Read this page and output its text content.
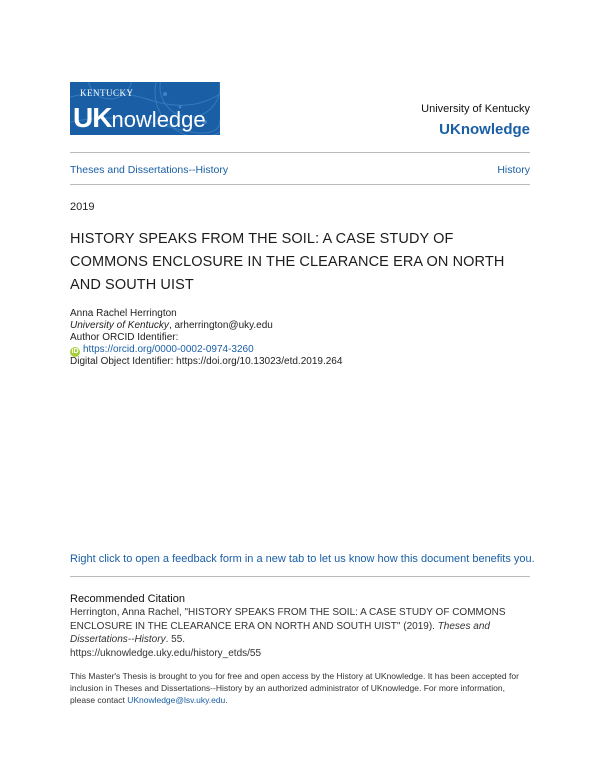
KENTUCKY
UKnowledge	University of Kentucky
UKnowledge
Theses and Dissertations--History	History
2019
HISTORY SPEAKS FROM THE SOIL: A CASE STUDY OF COMMONS ENCLOSURE IN THE CLEARANCE ERA ON NORTH AND SOUTH UIST
Anna Rachel Herrington
University of Kentucky, arherrington@uky.edu
Author ORCID Identifier:
iD https://orcid.org/0000-0002-0974-3260
Digital Object Identifier: https://doi.org/10.13023/etd.2019.264
Right click to open a feedback form in a new tab to let us know how this document benefits you.
Recommended Citation
Herrington, Anna Rachel, "HISTORY SPEAKS FROM THE SOIL: A CASE STUDY OF COMMONS ENCLOSURE IN THE CLEARANCE ERA ON NORTH AND SOUTH UIST" (2019). Theses and Dissertations--History. 55.
https://uknowledge.uky.edu/history_etds/55
This Master's Thesis is brought to you for free and open access by the History at UKnowledge. It has been accepted for inclusion in Theses and Dissertations--History by an authorized administrator of UKnowledge. For more information, please contact UKnowledge@lsv.uky.edu.
